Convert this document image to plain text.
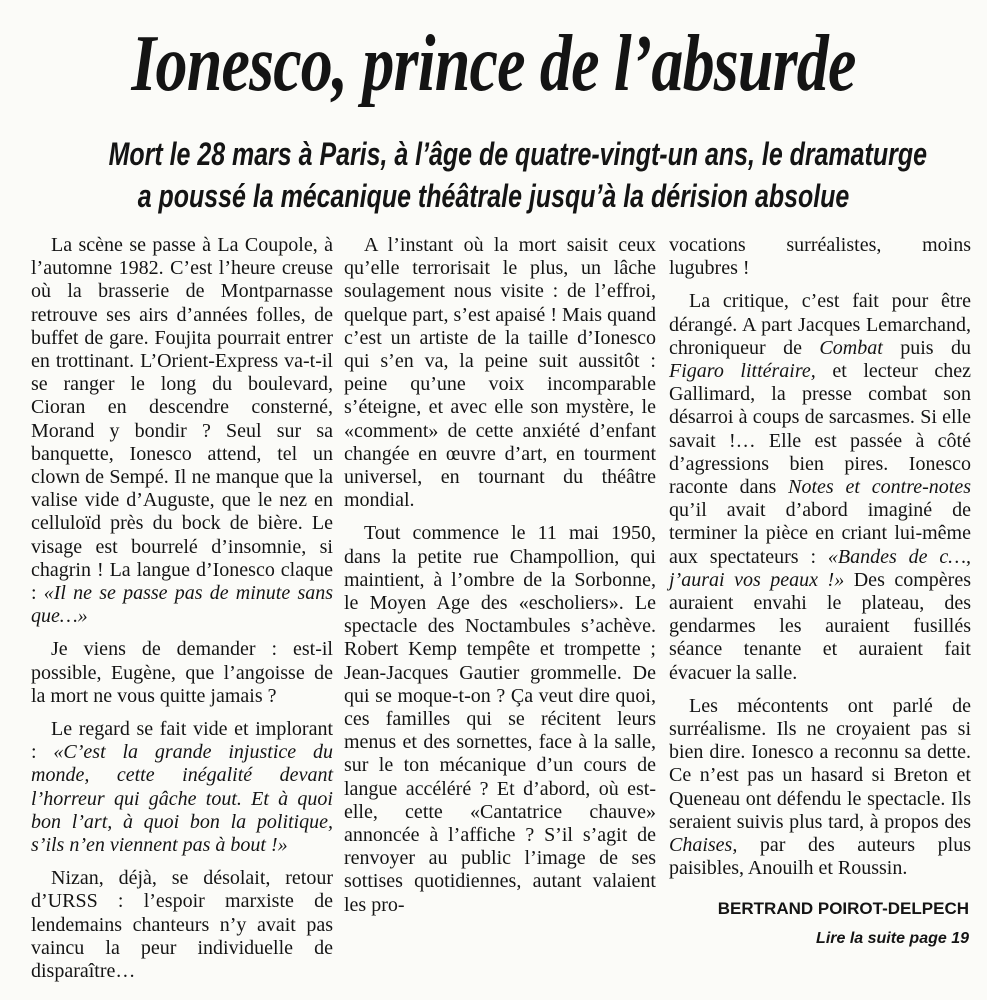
Ionesco, prince de l’absurde
Mort le 28 mars à Paris, à l’âge de quatre-vingt-un ans, le dramaturge
a poussé la mécanique théâtrale jusqu’à la dérision absolue

La scène se passe à La Coupole, à l’automne 1982. C’est l’heure creuse où la brasserie de Montparnasse retrouve ses airs d’années folles, de buffet de gare. Foujita pourrait entrer en trottinant. L’Orient-Express va-t-il se ranger le long du boulevard, Cioran en descendre consterné, Morand y bondir ? Seul sur sa banquette, Ionesco attend, tel un clown de Sempé. Il ne manque que la valise vide d’Auguste, que le nez en celluloïd près du bock de bière. Le visage est bourrelé d’insomnie, si chagrin ! La langue d’Ionesco claque : «Il ne se passe pas de minute sans que…»

Je viens de demander : est-il possible, Eugène, que l’angoisse de la mort ne vous quitte jamais ?

Le regard se fait vide et implorant : «C’est la grande injustice du monde, cette inégalité devant l’horreur qui gâche tout. Et à quoi bon l’art, à quoi bon la politique, s’ils n’en viennent pas à bout !»

Nizan, déjà, se désolait, retour d’URSS : l’espoir marxiste de lendemains chanteurs n’y avait pas vaincu la peur individuelle de disparaître…

A l’instant où la mort saisit ceux qu’elle terrorisait le plus, un lâche soulagement nous visite : de l’effroi, quelque part, s’est apaisé ! Mais quand c’est un artiste de la taille d’Ionesco qui s’en va, la peine suit aussitôt : peine qu’une voix incomparable s’éteigne, et avec elle son mystère, le «comment» de cette anxiété d’enfant changée en œuvre d’art, en tourment universel, en tournant du théâtre mondial.

Tout commence le 11 mai 1950, dans la petite rue Champollion, qui maintient, à l’ombre de la Sorbonne, le Moyen Age des «escholiers». Le spectacle des Noctambules s’achève. Robert Kemp tempête et trompette ; Jean-Jacques Gautier grommelle. De qui se moque-t-on ? Ça veut dire quoi, ces familles qui se récitent leurs menus et des sornettes, face à la salle, sur le ton mécanique d’un cours de langue accéléré ? Et d’abord, où est-elle, cette «Cantatrice chauve» annoncée à l’affiche ? S’il s’agit de renvoyer au public l’image de ses sottises quotidiennes, autant valaient les pro-

vocations surréalistes, moins lugubres !

La critique, c’est fait pour être dérangé. A part Jacques Lemarchand, chroniqueur de Combat puis du Figaro littéraire, et lecteur chez Gallimard, la presse combat son désarroi à coups de sarcasmes. Si elle savait !… Elle est passée à côté d’agressions bien pires. Ionesco raconte dans Notes et contre-notes qu’il avait d’abord imaginé de terminer la pièce en criant lui-même aux spectateurs : «Bandes de c…, j’aurai vos peaux !» Des compères auraient envahi le plateau, des gendarmes les auraient fusillés séance tenante et auraient fait évacuer la salle.

Les mécontents ont parlé de surréalisme. Ils ne croyaient pas si bien dire. Ionesco a reconnu sa dette. Ce n’est pas un hasard si Breton et Queneau ont défendu le spectacle. Ils seraient suivis plus tard, à propos des Chaises, par des auteurs plus paisibles, Anouilh et Roussin.

BERTRAND POIROT-DELPECH
Lire la suite page 19
